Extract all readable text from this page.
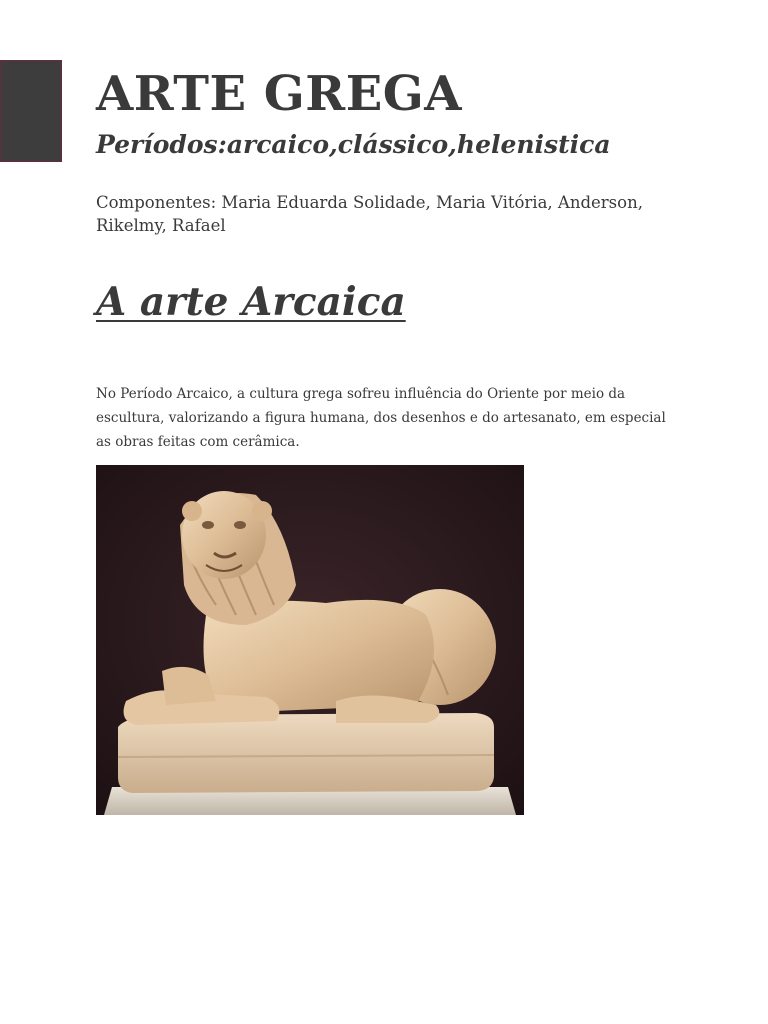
ARTE GREGA
Períodos:arcaico,clássico,helenistica

Componentes: Maria Eduarda Solidade, Maria Vitória, Anderson, Rikelmy, Rafael

A arte Arcaica

No Período Arcaico, a cultura grega sofreu influência do Oriente por meio da escultura, valorizando a figura humana, dos desenhos e do artesanato, em especial as obras feitas com cerâmica.
